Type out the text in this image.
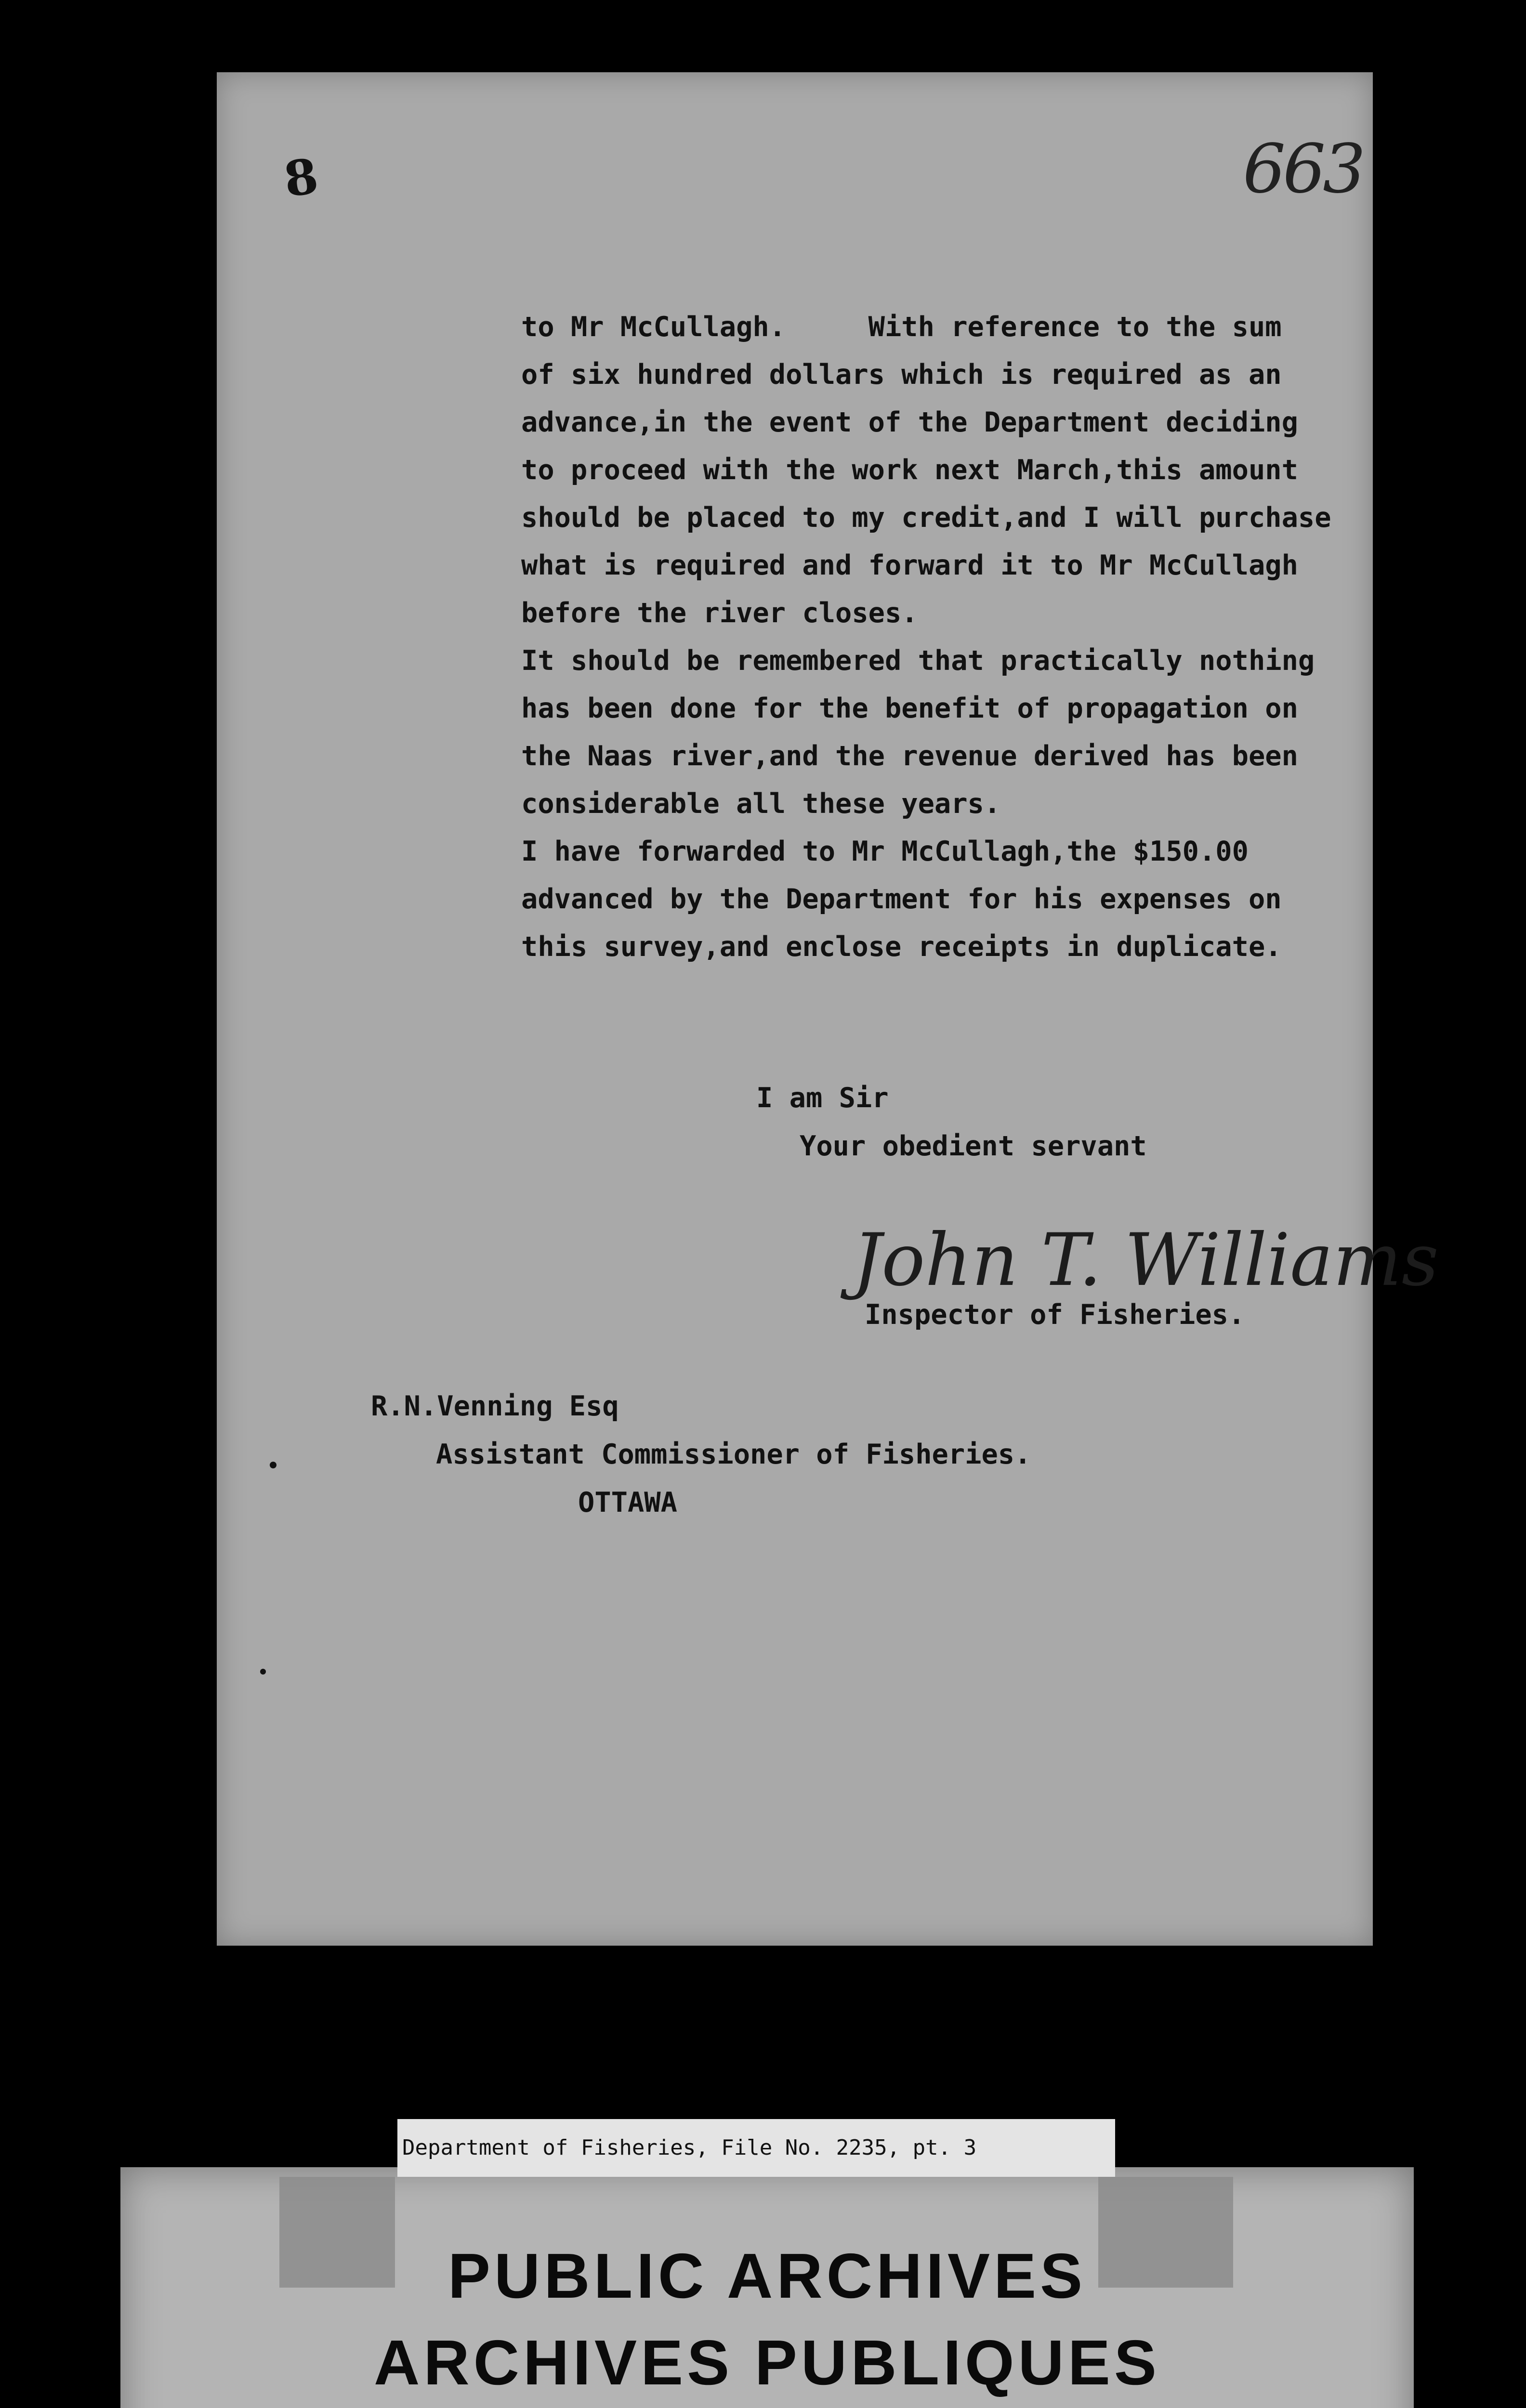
8	663
to Mr McCullagh.     With reference to the sum
of six hundred dollars which is required as an
advance,in the event of the Department deciding
to proceed with the work next March,this amount
should be placed to my credit,and I will purchase
what is required and forward it to Mr McCullagh
before the river closes.
It should be remembered that practically nothing
has been done for the benefit of propagation on
the Naas river,and the revenue derived has been
considerable all these years.
I have forwarded to Mr McCullagh,the $150.00
advanced by the Department for his expenses on
this survey,and enclose receipts in duplicate.
I am Sir
Your obedient servant
John T. Williams
Inspector of Fisheries.
R.N.Venning Esq
Assistant Commissioner of Fisheries.
OTTAWA
PUBLIC ARCHIVES
ARCHIVES PUBLIQUES
Department of Fisheries, File No. 2235, pt. 3
